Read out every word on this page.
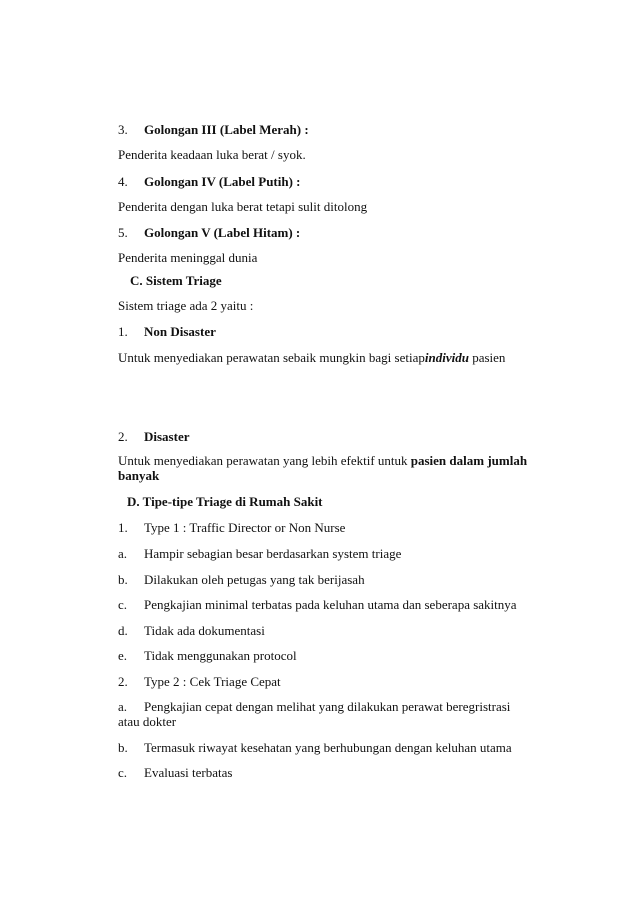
3. Golongan III (Label Merah) :
Penderita keadaan luka berat / syok.
4. Golongan IV (Label Putih) :
Penderita dengan luka berat tetapi sulit ditolong
5. Golongan V (Label Hitam) :
Penderita meninggal dunia
C. Sistem Triage
Sistem triage ada 2 yaitu :
1. Non Disaster
Untuk menyediakan perawatan sebaik mungkin bagi setiapindividu pasien
2. Disaster
Untuk menyediakan perawatan yang lebih efektif untuk pasien dalam jumlah banyak
D. Tipe-tipe Triage di Rumah Sakit
1. Type 1 : Traffic Director or Non Nurse
a. Hampir sebagian besar berdasarkan system triage
b. Dilakukan oleh petugas yang tak berijasah
c. Pengkajian minimal terbatas pada keluhan utama dan seberapa sakitnya
d. Tidak ada dokumentasi
e. Tidak menggunakan protocol
2. Type 2 : Cek Triage Cepat
a. Pengkajian cepat dengan melihat yang dilakukan perawat beregristrasi atau dokter
b. Termasuk riwayat kesehatan yang berhubungan dengan keluhan utama
c. Evaluasi terbatas
